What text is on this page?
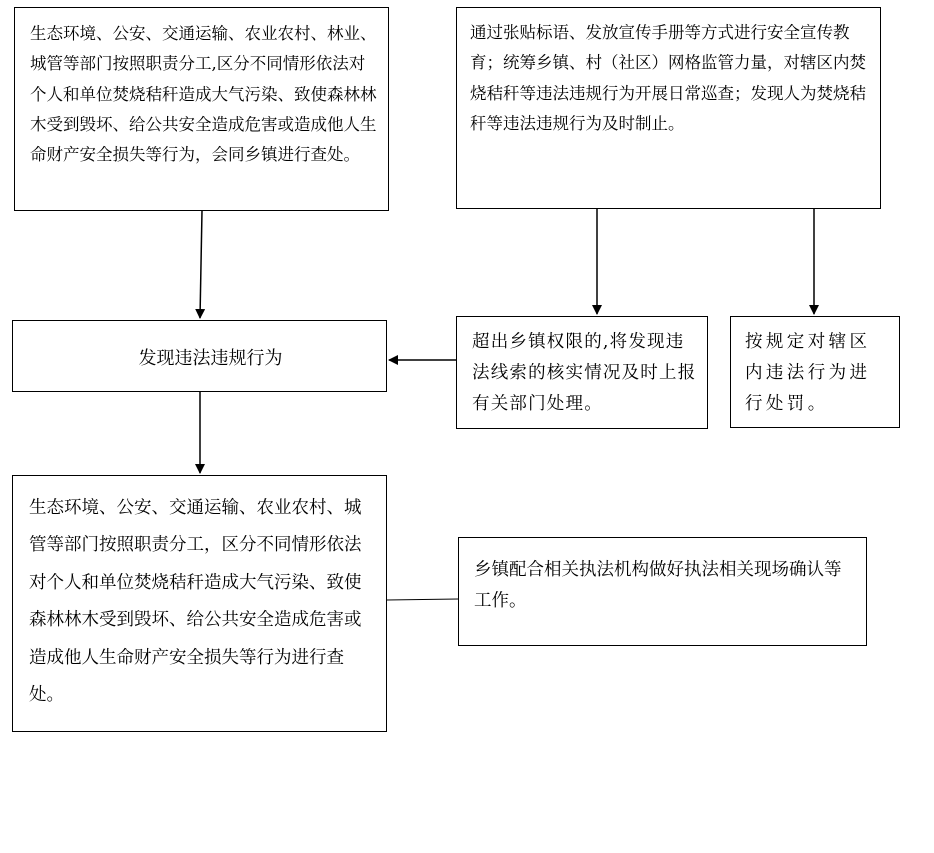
生态环境、公安、交通运输、农业农村、林业、城管等部门按照职责分工,区分不同情形依法对个人和单位焚烧秸秆造成大气污染、致使森林林木受到毁坏、给公共安全造成危害或造成他人生命财产安全损失等行为，会同乡镇进行查处。

通过张贴标语、发放宣传手册等方式进行安全宣传教育；统筹乡镇、村（社区）网格监管力量，对辖区内焚烧秸秆等违法违规行为开展日常巡查；发现人为焚烧秸秆等违法违规行为及时制止。

发现违法违规行为

超出乡镇权限的,将发现违法线索的核实情况及时上报有关部门处理。

按规定对辖区内违法行为进行处罚。

生态环境、公安、交通运输、农业农村、城管等部门按照职责分工，区分不同情形依法对个人和单位焚烧秸秆造成大气污染、致使森林林木受到毁坏、给公共安全造成危害或造成他人生命财产安全损失等行为进行查处。

乡镇配合相关执法机构做好执法相关现场确认等工作。
